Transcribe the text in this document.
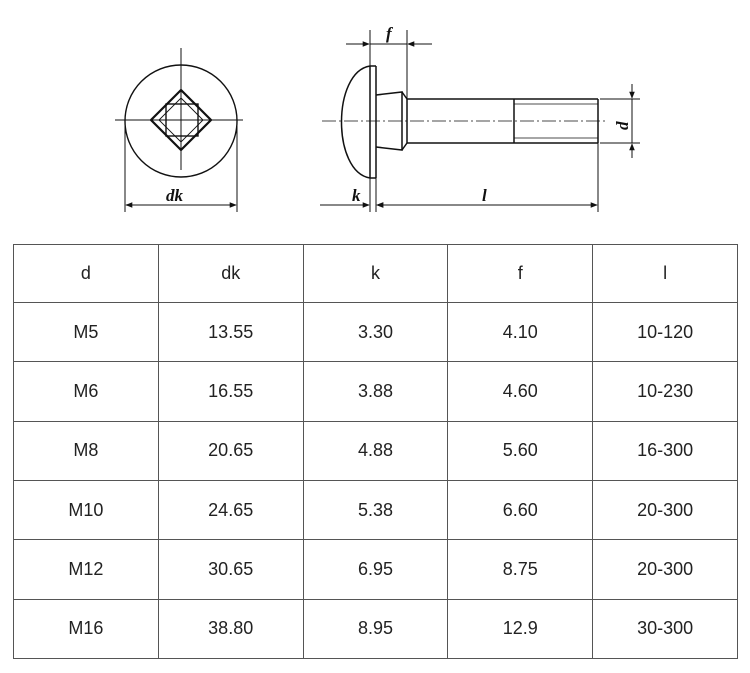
dk
f
k	l
d
d	dk	k	f	l
M5	13.55	3.30	4.10	10-120
M6	16.55	3.88	4.60	10-230
M8	20.65	4.88	5.60	16-300
M10	24.65	5.38	6.60	20-300
M12	30.65	6.95	8.75	20-300
M16	38.80	8.95	12.9	30-300
